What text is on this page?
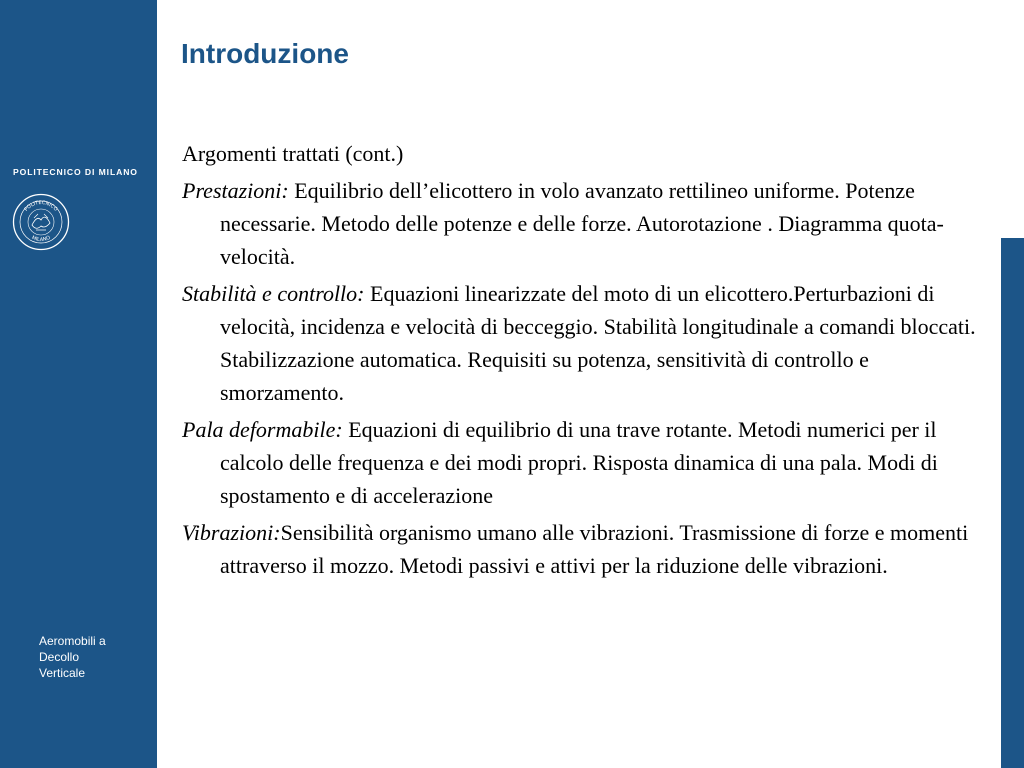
POLITECNICO DI MILANO
POLITECNICO
MILANO
Aeromobili a
Decollo
Verticale
Introduzione

Argomenti trattati (cont.)

Prestazioni: Equilibrio dell’elicottero in volo avanzato rettilineo uniforme. Potenze necessarie. Metodo delle potenze e delle forze. Autorotazione . Diagramma quota-velocità.

Stabilità e controllo: Equazioni linearizzate del moto di un elicottero.Perturbazioni di velocità, incidenza e velocità di becceggio. Stabilità longitudinale a comandi bloccati. Stabilizzazione automatica. Requisiti su potenza, sensitività di controllo e smorzamento.

Pala deformabile: Equazioni di equilibrio di una trave rotante. Metodi numerici per il calcolo delle frequenza e dei modi propri. Risposta dinamica di una pala. Modi di spostamento e di accelerazione

Vibrazioni:Sensibilità organismo umano alle vibrazioni. Trasmissione di forze e momenti attraverso il mozzo. Metodi passivi e attivi per la riduzione delle vibrazioni.
